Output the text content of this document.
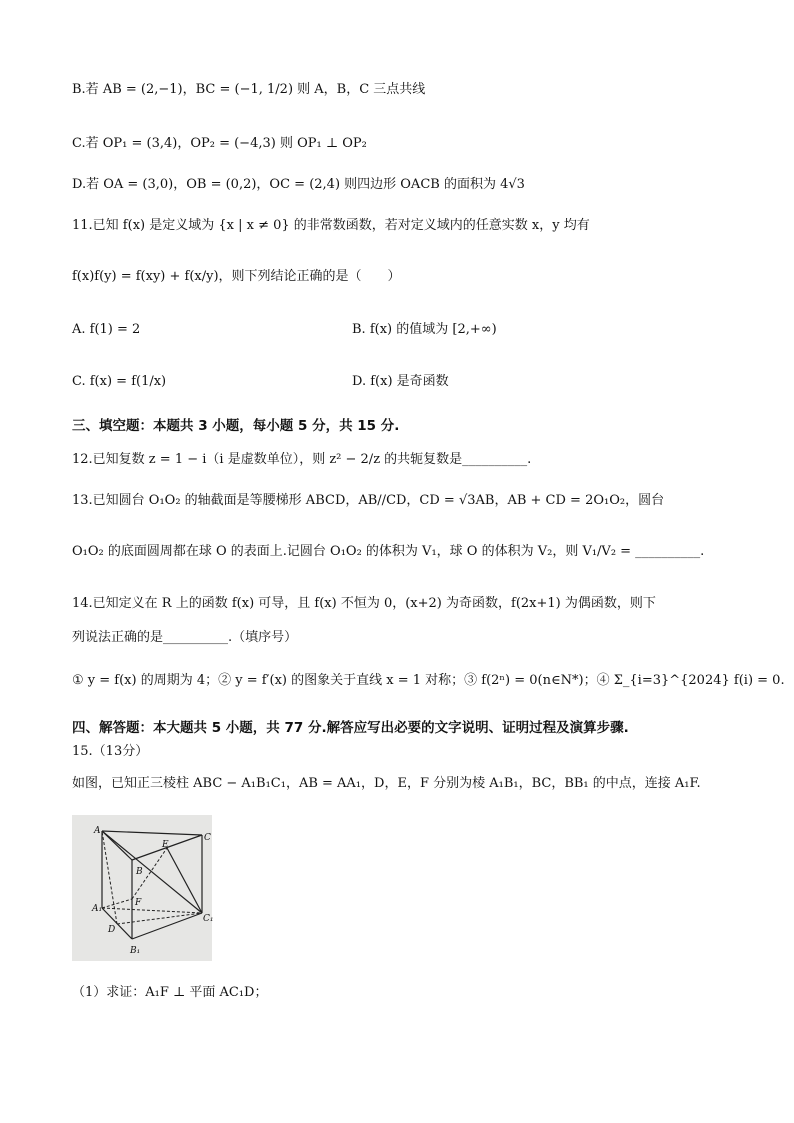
B.若 AB = (2,−1)，BC = (−1, 1/2) 则 A，B，C 三点共线
C.若 OP₁ = (3,4)，OP₂ = (−4,3) 则 OP₁ ⊥ OP₂
D.若 OA = (3,0)，OB = (0,2)，OC = (2,4) 则四边形 OACB 的面积为 4√3
11.已知 f(x) 是定义域为 {x | x ≠ 0} 的非常数函数，若对定义域内的任意实数 x，y 均有
f(x)f(y) = f(xy) + f(x/y)，则下列结论正确的是（　　）
A. f(1) = 2	B. f(x) 的值域为 [2,+∞)
C. f(x) = f(1/x)	D. f(x) 是奇函数
三、填空题：本题共 3 小题，每小题 5 分，共 15 分.
12.已知复数 z = 1 − i（i 是虚数单位），则 z² − 2/z 的共轭复数是__________.
13.已知圆台 O₁O₂ 的轴截面是等腰梯形 ABCD，AB//CD，CD = √3AB，AB + CD = 2O₁O₂，圆台
O₁O₂ 的底面圆周都在球 O 的表面上.记圆台 O₁O₂ 的体积为 V₁，球 O 的体积为 V₂，则 V₁/V₂ = __________.
14.已知定义在 R 上的函数 f(x) 可导，且 f(x) 不恒为 0，(x+2) 为奇函数，f(2x+1) 为偶函数，则下
列说法正确的是__________.（填序号）
① y = f(x) 的周期为 4；② y = f′(x) 的图象关于直线 x = 1 对称；③ f(2ⁿ) = 0(n∈N*)；④ Σ_{i=3}^{2024} f(i) = 0.
四、解答题：本大题共 5 小题，共 77 分.解答应写出必要的文字说明、证明过程及演算步骤.
15.（13分）
如图，已知正三棱柱 ABC − A₁B₁C₁，AB = AA₁，D，E，F 分别为棱 A₁B₁，BC，BB₁ 的中点，连接 A₁F.
A
C
E
B
A₁
F
C₁
D
B₁
（1）求证：A₁F ⊥ 平面 AC₁D；
